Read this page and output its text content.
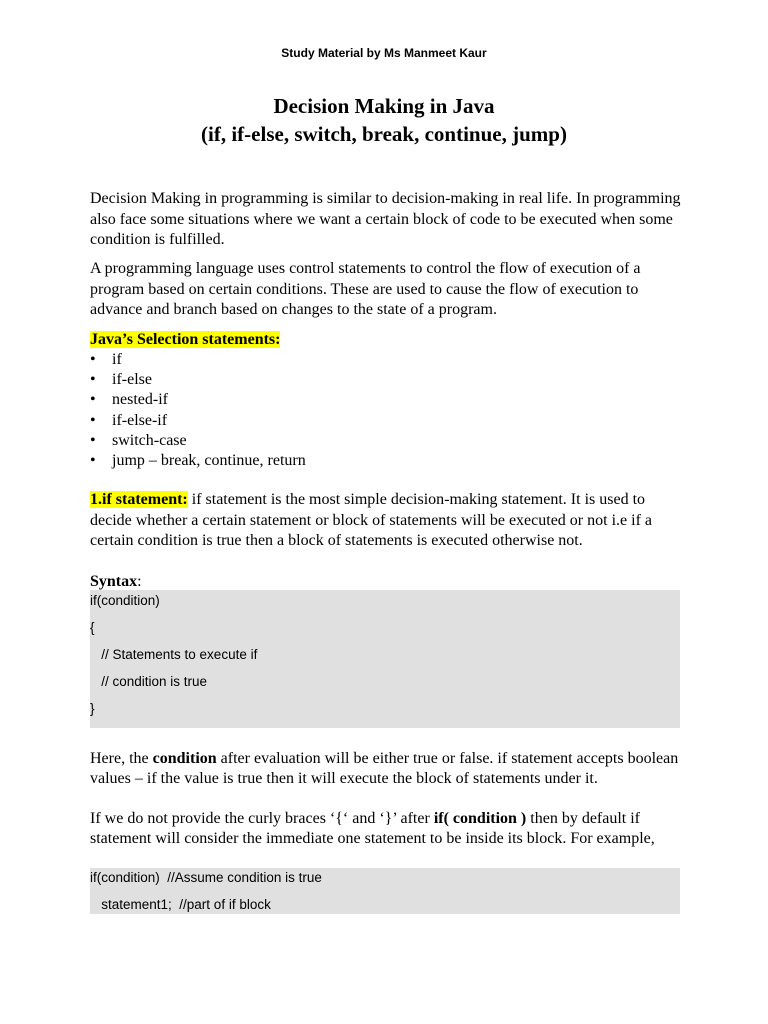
Study Material by Ms Manmeet Kaur
Decision Making in Java
(if, if-else, switch, break, continue, jump)

Decision Making in programming is similar to decision-making in real life. In programming also face some situations where we want a certain block of code to be executed when some condition is fulfilled.

A programming language uses control statements to control the flow of execution of a program based on certain conditions. These are used to cause the flow of execution to advance and branch based on changes to the state of a program.

Java’s Selection statements:

• if
• if-else
• nested-if
• if-else-if
• switch-case
• jump – break, continue, return

1.if statement: if statement is the most simple decision-making statement. It is used to decide whether a certain statement or block of statements will be executed or not i.e if a certain condition is true then a block of statements is executed otherwise not.

Syntax:

if(condition)
{
// Statements to execute if
// condition is true
}

Here, the condition after evaluation will be either true or false. if statement accepts boolean values – if the value is true then it will execute the block of statements under it.

If we do not provide the curly braces ‘{‘ and ‘}’ after if( condition ) then by default if statement will consider the immediate one statement to be inside its block. For example,

if(condition)  //Assume condition is true
statement1;  //part of if block
